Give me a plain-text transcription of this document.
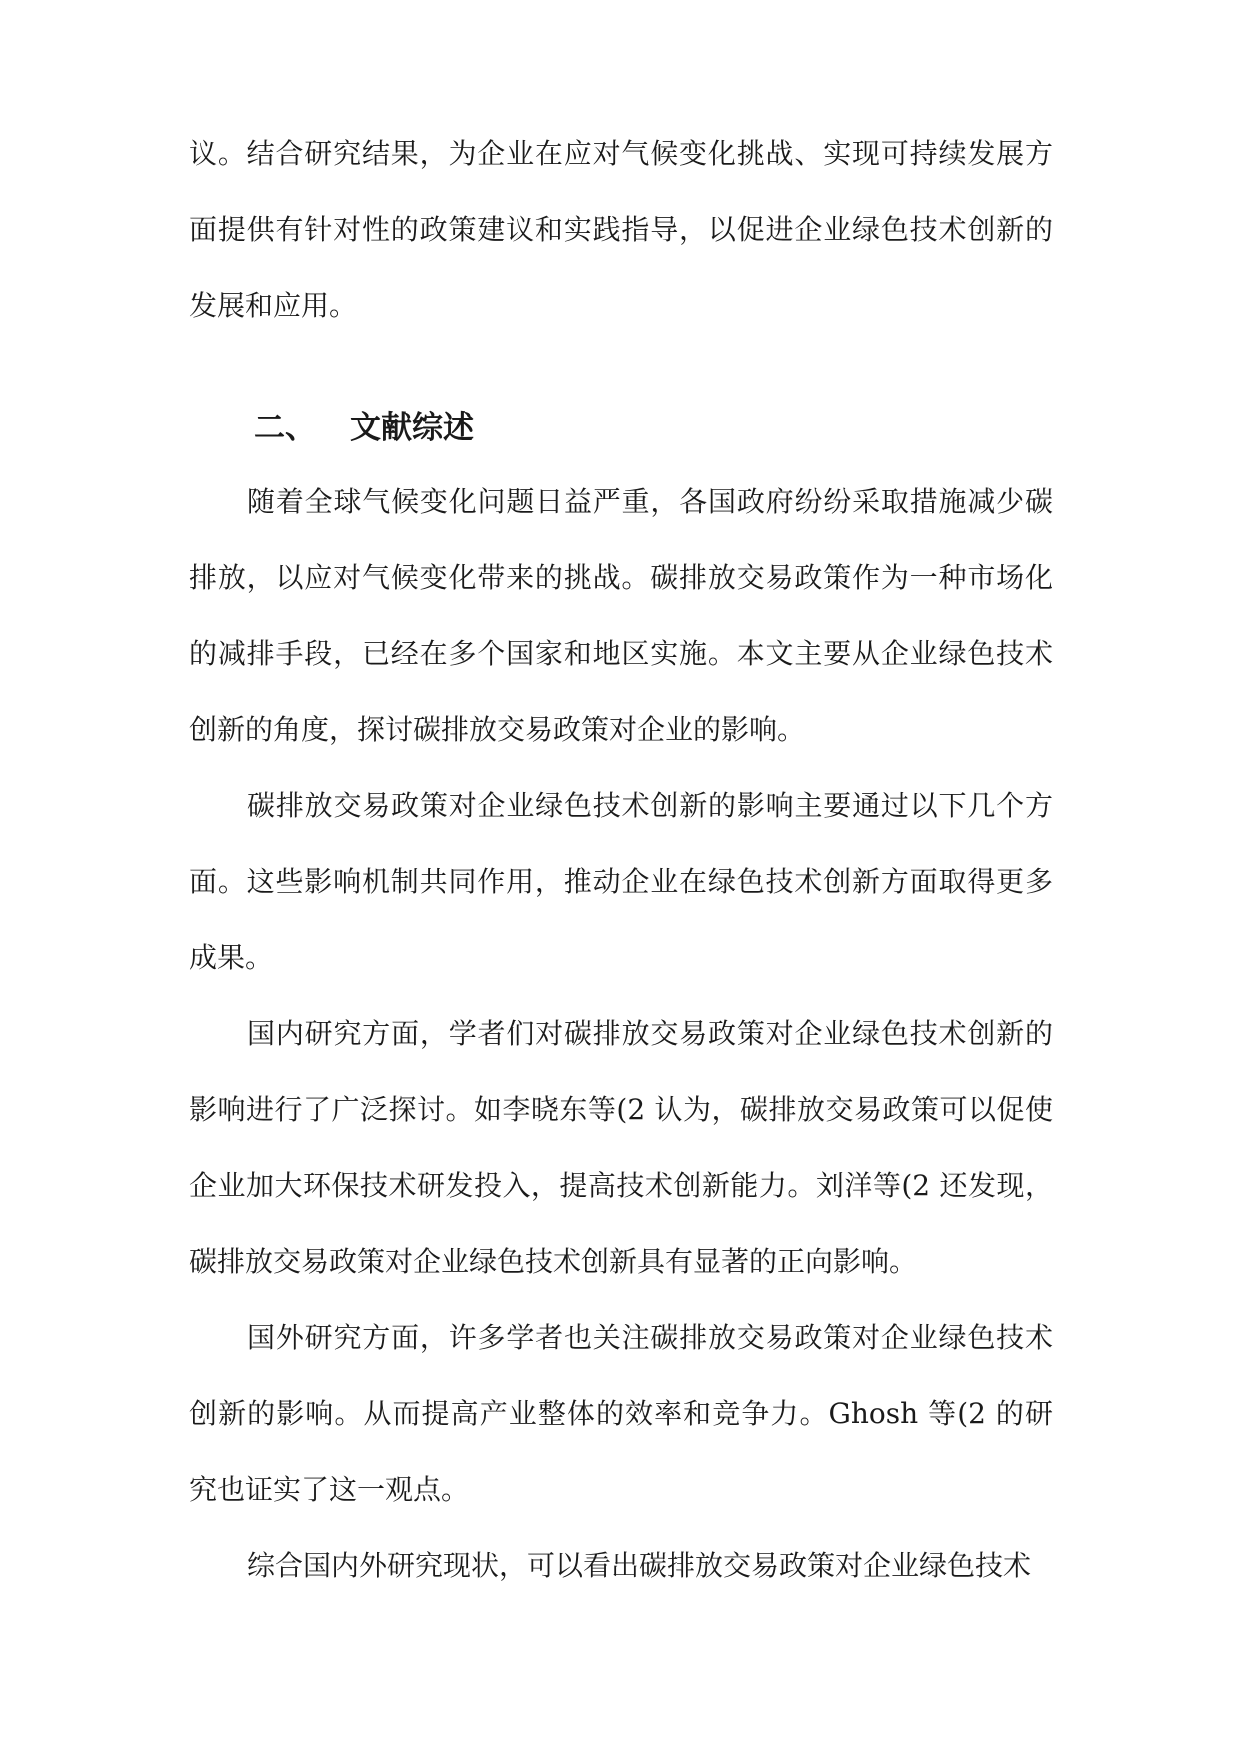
议。结合研究结果，为企业在应对气候变化挑战、实现可持续发展方面提供有针对性的政策建议和实践指导，以促进企业绿色技术创新的发展和应用。

二、 文献综述

随着全球气候变化问题日益严重，各国政府纷纷采取措施减少碳排放，以应对气候变化带来的挑战。碳排放交易政策作为一种市场化的减排手段，已经在多个国家和地区实施。本文主要从企业绿色技术创新的角度，探讨碳排放交易政策对企业的影响。

碳排放交易政策对企业绿色技术创新的影响主要通过以下几个方面。这些影响机制共同作用，推动企业在绿色技术创新方面取得更多成果。

国内研究方面，学者们对碳排放交易政策对企业绿色技术创新的影响进行了广泛探讨。如李晓东等(2 认为，碳排放交易政策可以促使企业加大环保技术研发投入，提高技术创新能力。刘洋等(2 还发现，碳排放交易政策对企业绿色技术创新具有显著的正向影响。

国外研究方面，许多学者也关注碳排放交易政策对企业绿色技术创新的影响。从而提高产业整体的效率和竞争力。Ghosh 等(2 的研究也证实了这一观点。

综合国内外研究现状，可以看出碳排放交易政策对企业绿色技术
